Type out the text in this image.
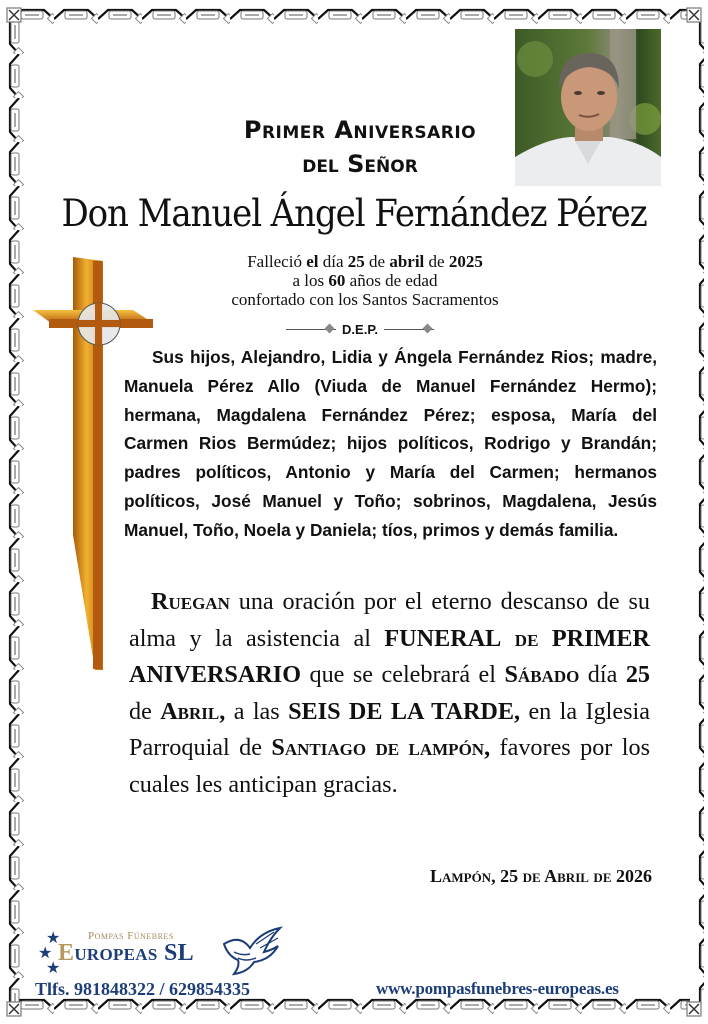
Primer Aniversario
del Señor
Don Manuel Ángel Fernández Pérez
Falleció el día 25 de abril de 2025
a los 60 años de edad
confortado con los Santos Sacramentos
D.E.P.
Sus hijos, Alejandro, Lidia y Ángela Fernández Rios; madre, Manuela Pérez Allo (Viuda de Manuel Fernández Hermo); hermana, Magdalena Fernández Pérez; esposa, María del Carmen Rios Bermúdez; hijos políticos, Rodrigo y Brandán; padres políticos, Antonio y María del Carmen; hermanos políticos, José Manuel y Toño; sobrinos, Magdalena, Jesús Manuel, Toño, Noela y Daniela; tíos, primos y demás familia.
Ruegan una oración por el eterno descanso de su alma y la asistencia al FUNERAL de PRIMER ANIVERSARIO que se celebrará el Sábado día 25 de Abril, a las SEIS DE LA TARDE, en la Iglesia Parroquial de Santiago de lampón, favores por los cuales les anticipan gracias.
Lampón, 25 de Abril de 2026
★
★
★
Pompas Fúnebres
Europeas SL
Tlfs. 981848322 / 629854335	www.pompasfunebres-europeas.es
